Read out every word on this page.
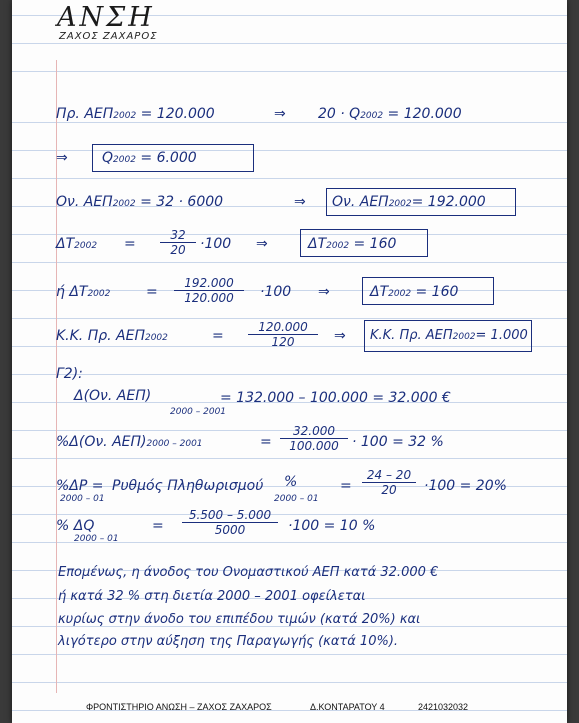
ΑΝΣΗ
ΖΑΧΟΣ ΖΑΧΑΡΟΣ
Πρ. ΑΕΠ2002 = 120.000	⇒ 20 · Q2002 = 120.000
⇒ Q2002 = 6.000
Ον. ΑΕΠ2002 = 32 · 6000	⇒ Ον. ΑΕΠ2002= 192.000
ΔΤ2002 =
32
20 ·100 ⇒	ΔΤ2002 = 160
ή ΔΤ2002	=
192.000
120.000 ·100 ⇒	ΔΤ2002 = 160
Κ.Κ. Πρ. ΑΕΠ2002	=
120.000
120	⇒ Κ.Κ. Πρ. ΑΕΠ2002= 1.000
Γ2):
Δ(Ον. ΑΕΠ)
2000 – 2001
= 132.000 – 100.000 = 32.000 €
%Δ(Ον. ΑΕΠ)2000 – 2001	=
32.000
100.000 · 100 = 32 %
%ΔP =
2000 – 01
Ρυθμός Πληθωρισμού %
2000 – 01
=
24 – 20
20 ·100 = 20%
% ΔQ
2000 – 01
=
5.500 – 5.000
5000	·100 = 10 %
Επομένως, η άνοδος του Ονομαστικού ΑΕΠ κατά 32.000 €
ή κατά 32 % στη διετία 2000 – 2001 οφείλεται
κυρίως στην άνοδο του επιπέδου τιμών (κατά 20%) και
λιγότερο στην αύξηση της Παραγωγής (κατά 10%).
ΦΡΟΝΤΙΣΤΗΡΙΟ ΑΝΩΣΗ – ΖΑΧΟΣ ΖΑΧΑΡΟΣ	Δ.ΚΟΝΤΑΡΑΤΟΥ 4	2421032032
